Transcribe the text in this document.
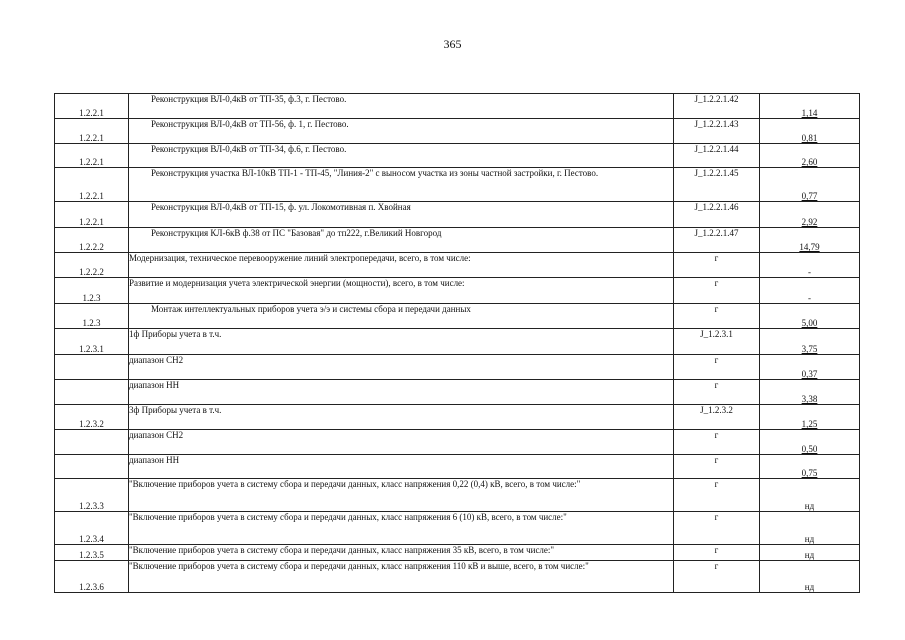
365
1.2.2.1	Реконструкция ВЛ-0,4кВ от ТП-35, ф.3, г. Пестово.	J_1.2.2.1.42	1,14
1.2.2.1	Реконструкция ВЛ-0,4кВ от ТП-56, ф. 1, г. Пестово.	J_1.2.2.1.43	0,81
1.2.2.1	Реконструкция ВЛ-0,4кВ от ТП-34, ф.6, г. Пестово.	J_1.2.2.1.44	2,60
1.2.2.1	Реконструкция участка ВЛ-10кВ ТП-1 - ТП-45, "Линия-2" с выносом участка из зоны частной застройки, г. Пестово.	J_1.2.2.1.45	0,77
1.2.2.1	Реконструкция ВЛ-0,4кВ от ТП-15, ф. ул. Локомотивная п. Хвойная	J_1.2.2.1.46	2,92
1.2.2.2	Реконструкция КЛ-6кВ ф.38 от ПС "Базовая" до тп222, г.Великий Новгород	J_1.2.2.1.47	14,79
1.2.2.2	Модернизация, техническое перевооружение линий электропередачи, всего, в том числе:	г	-
1.2.3	Развитие и модернизация учета электрической энергии (мощности), всего, в том числе:	г	-
1.2.3	Монтаж интеллектуальных приборов учета э/э и системы сбора и передачи данных	г	5,00
1.2.3.1	1ф Приборы учета в т.ч.	J_1.2.3.1	3,75
	диапазон СН2	г	0,37
	диапазон НН	г	3,38
1.2.3.2	3ф Приборы учета в т.ч.	J_1.2.3.2	1,25
	диапазон СН2	г	0,50
	диапазон НН	г	0,75
1.2.3.3	"Включение приборов учета в систему сбора и передачи данных, класс напряжения 0,22 (0,4) кВ, всего, в том числе:"	г	нд
1.2.3.4	"Включение приборов учета в систему сбора и передачи данных, класс напряжения 6 (10) кВ, всего, в том числе:"	г	нд
1.2.3.5	"Включение приборов учета в систему сбора и передачи данных, класс напряжения 35 кВ, всего, в том числе:"	г	нд
1.2.3.6	"Включение приборов учета в систему сбора и передачи данных, класс напряжения 110 кВ и выше, всего, в том числе:"	г	нд
